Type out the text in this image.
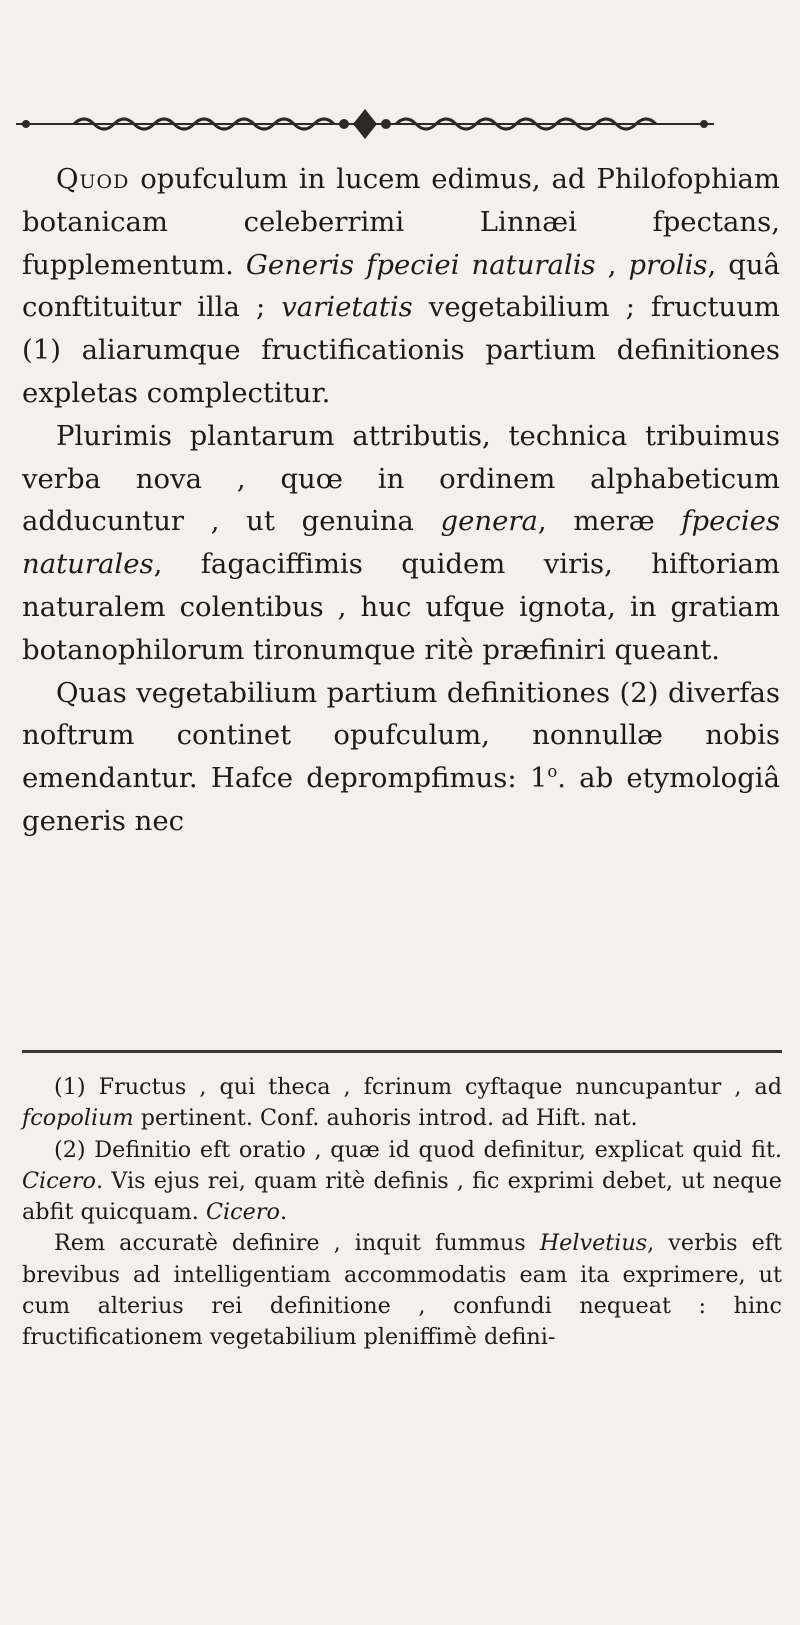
Quod opufculum in lucem edimus, ad Philofophiam botanicam celeberrimi Linnæi fpectans, fupplementum. Generis fpeciei naturalis , prolis, quâ conftituitur illa ; varietatis vegetabilium ; fructuum (1) aliarumque fructificationis partium definitiones expletas complectitur.

Plurimis plantarum attributis, technica tribuimus verba nova , quœ in ordinem alphabeticum adducuntur , ut genuina genera, meræ fpecies naturales, fagaciffimis quidem viris, hiftoriam naturalem colentibus , huc ufque ignota, in gratiam botanophilorum tironumque ritè præfiniri queant.

Quas vegetabilium partium definitiones (2) diverfas noftrum continet opufculum, nonnullæ nobis emendantur. Hafce deprompfimus: 1$^o$. ab etymologiâ generis nec

(1) Fructus , qui theca , fcrinum cyftaque nuncupantur , ad fcopolium pertinent. Conf. auhoris introd. ad Hift. nat.

(2) Definitio eft oratio , quæ id quod definitur, explicat quid fit. Cicero. Vis ejus rei, quam ritè definis , fic exprimi debet, ut neque abfit quicquam. Cicero.

Rem accuratè definire , inquit fummus Helvetius, verbis eft brevibus ad intelligentiam accommodatis eam ita exprimere, ut cum alterius rei definitione , confundi nequeat : hinc fructificationem vegetabilium pleniffimè defini-
